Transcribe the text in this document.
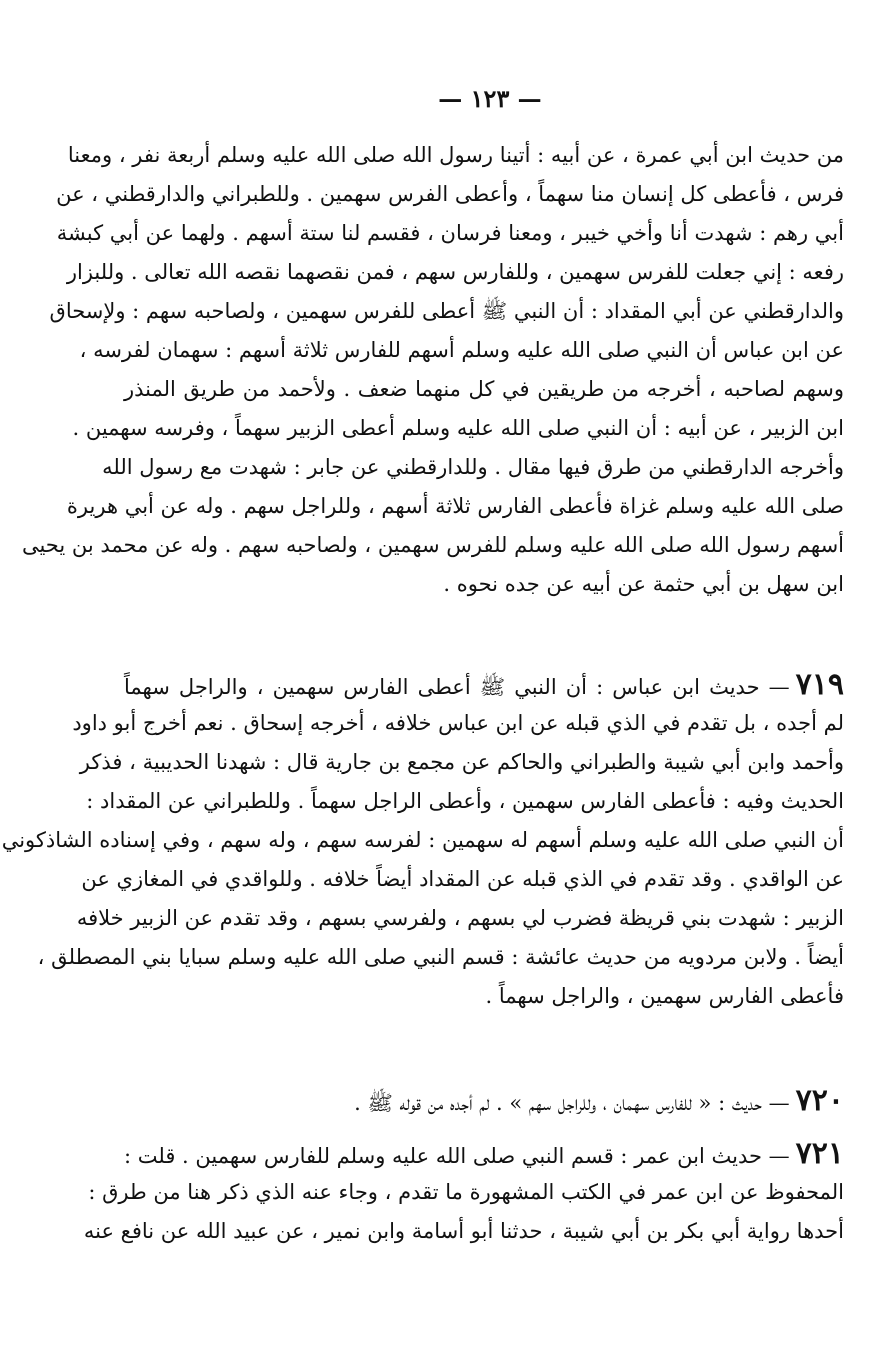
— ١٢٣ —
من حديث ابن أبي عمرة ، عن أبيه : أتينا رسول الله صلى الله عليه وسلم أربعة نفر ، ومعنا
فرس ، فأعطى كل إنسان منا سهماً ، وأعطى الفرس سهمين . وللطبراني والدارقطني ، عن
أبي رهم : شهدت أنا وأخي خيبر ، ومعنا فرسان ، فقسم لنا ستة أسهم . ولهما عن أبي كبشة
رفعه : إني جعلت للفرس سهمين ، وللفارس سهم ، فمن نقصهما نقصه الله تعالى . وللبزار
والدارقطني عن أبي المقداد : أن النبي ﷺ أعطى للفرس سهمين ، ولصاحبه سهم : ولإسحاق
عن ابن عباس أن النبي صلى الله عليه وسلم أسهم للفارس ثلاثة أسهم : سهمان لفرسه ،
وسهم لصاحبه ، أخرجه من طريقين في كل منهما ضعف . ولأحمد من طريق المنذر
ابن الزبير ، عن أبيه : أن النبي صلى الله عليه وسلم أعطى الزبير سهماً ، وفرسه سهمين .
وأخرجه الدارقطني من طرق فيها مقال . وللدارقطني عن جابر : شهدت مع رسول الله
صلى الله عليه وسلم غزاة فأعطى الفارس ثلاثة أسهم ، وللراجل سهم . وله عن أبي هريرة
أسهم رسول الله صلى الله عليه وسلم للفرس سهمين ، ولصاحبه سهم . وله عن محمد بن يحيى
ابن سهل بن أبي حثمة عن أبيه عن جده نحوه .
٧١٩— حديث ابن عباس : أن النبي ﷺ أعطى الفارس سهمين ، والراجل سهماً
لم أجده ، بل تقدم في الذي قبله عن ابن عباس خلافه ، أخرجه إسحاق . نعم أخرج أبو داود
وأحمد وابن أبي شيبة والطبراني والحاكم عن مجمع بن جارية قال : شهدنا الحديبية ، فذكر
الحديث وفيه : فأعطى الفارس سهمين ، وأعطى الراجل سهماً . وللطبراني عن المقداد :
أن النبي صلى الله عليه وسلم أسهم له سهمين : لفرسه سهم ، وله سهم ، وفي إسناده الشاذكوني
عن الواقدي . وقد تقدم في الذي قبله عن المقداد أيضاً خلافه . وللواقدي في المغازي عن
الزبير : شهدت بني قريظة فضرب لي بسهم ، ولفرسي بسهم ، وقد تقدم عن الزبير خلافه
أيضاً . ولابن مردويه من حديث عائشة : قسم النبي صلى الله عليه وسلم سبايا بني المصطلق ،
فأعطى الفارس سهمين ، والراجل سهماً .
٧٢٠— حديث : « للفارس سهمان ، وللراجل سهم » . لم أجده من قوله ﷺ .
٧٢١— حديث ابن عمر : قسم النبي صلى الله عليه وسلم للفارس سهمين . قلت :
المحفوظ عن ابن عمر في الكتب المشهورة ما تقدم ، وجاء عنه الذي ذكر هنا من طرق :
أحدها رواية أبي بكر بن أبي شيبة ، حدثنا أبو أسامة وابن نمير ، عن عبيد الله عن نافع عنه
